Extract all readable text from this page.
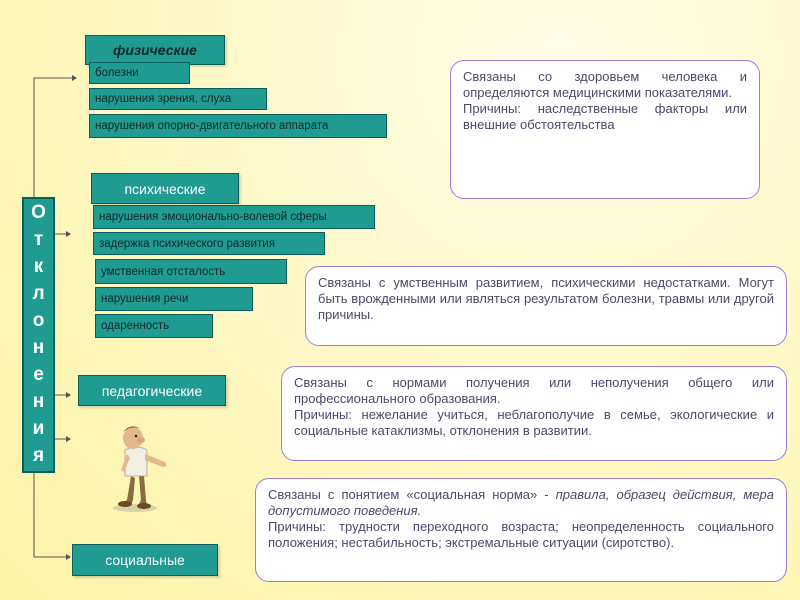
О
т
к
л
о
н
е
н
и
я
физические
болезни
нарушения зрения, слуха
нарушения опорно-двигательного аппарата

Связаны со здоровьем человека и определяются медицинскими показателями.

Причины: наследственные факторы или внешние обстоятельства

психические
нарушения эмоционально-волевой сферы
задержка психического развития
умственная отсталость
нарушения речи
одаренность

Связаны с умственным развитием, психическими недостатками. Могут быть врожденными или являться результатом болезни, травмы или другой причины.

педагогические	Связаны с нормами получения или неполучения общего или профессионального образования.

Причины: нежелание учиться, неблагополучие в семье, экологические и социальные катаклизмы, отклонения в развитии.

социальные

Связаны с понятием «социальная норма» - правила, образец действия, мера допустимого поведения.

Причины: трудности переходного возраста; неопределенность социального положения; нестабильность; экстремальные ситуации (сиротство).
